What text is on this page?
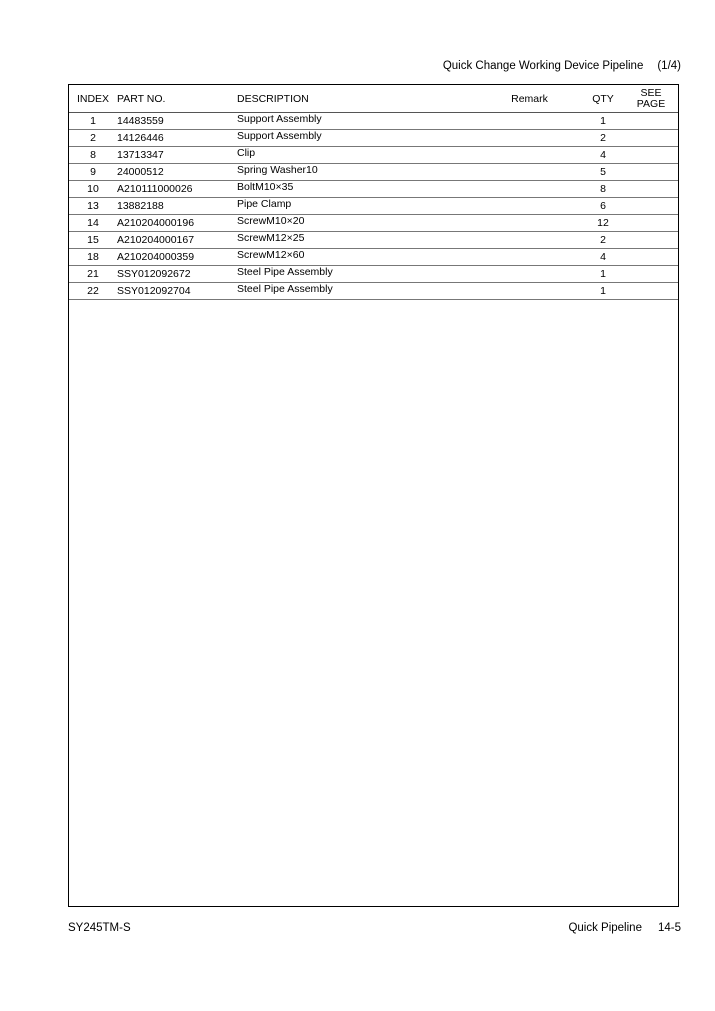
Quick Change Working Device Pipeline (1/4)
INDEX	PART NO.	DESCRIPTION	Remark	QTY	SEE
PAGE
1	14483559	Support Assembly		1	
2	14126446	Support Assembly		2	
8	13713347	Clip		4	
9	24000512	Spring Washer10		5	
10	A210111000026	BoltM10×35		8	
13	13882188	Pipe Clamp		6	
14	A210204000196	ScrewM10×20		12	
15	A210204000167	ScrewM12×25		2	
18	A210204000359	ScrewM12×60		4	
21	SSY012092672	Steel Pipe Assembly		1	
22	SSY012092704	Steel Pipe Assembly		1	
SY245TM-S	Quick Pipeline 14-5
